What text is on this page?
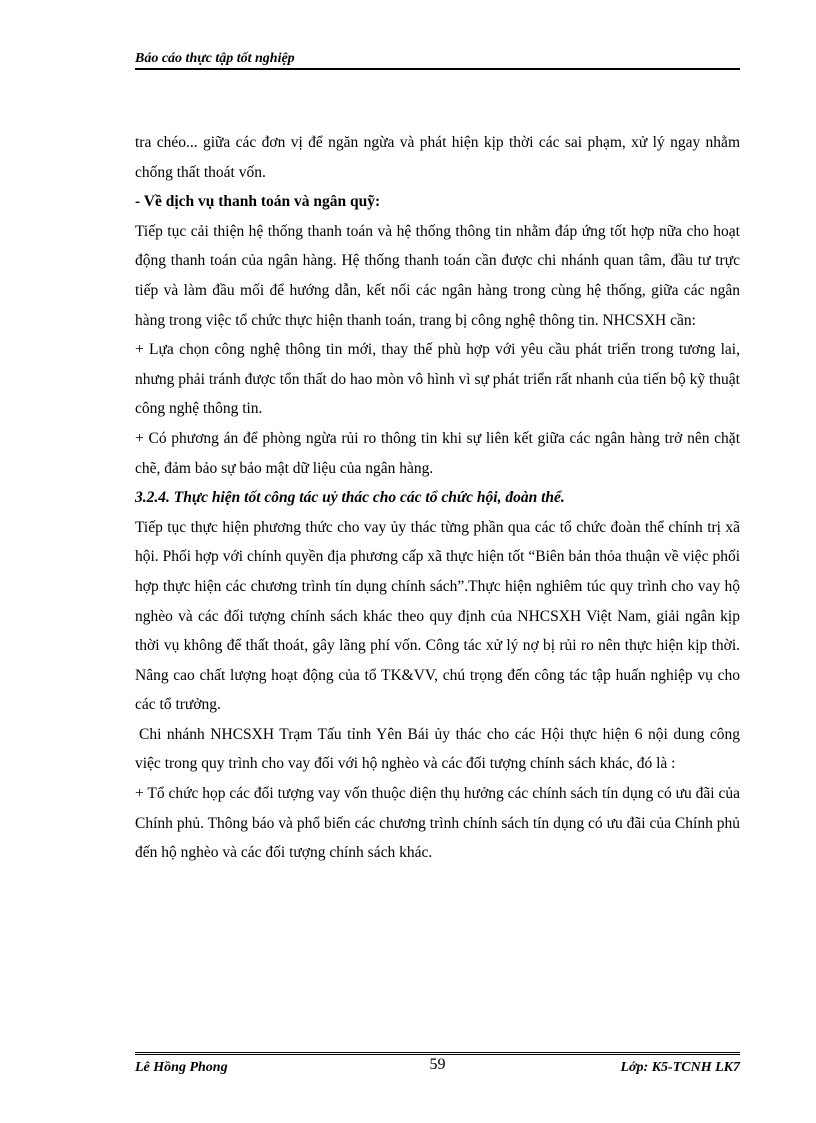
Báo cáo thực tập tốt nghiệp

tra chéo... giữa các đơn vị để ngăn ngừa và phát hiện kịp thời các sai phạm, xử lý ngay nhằm chống thất thoát vốn.

- Về dịch vụ thanh toán và ngân quỹ:

Tiếp tục cải thiện hệ thống thanh toán và hệ thống thông tin nhằm đáp ứng tốt hợp nữa cho hoạt động thanh toán của ngân hàng. Hệ thống thanh toán cần được chi nhánh quan tâm, đầu tư trực tiếp và làm đầu mối để hướng dẫn, kết nối các ngân hàng trong cùng hệ thống, giữa các ngân hàng trong việc tổ chức thực hiện thanh toán, trang bị công nghệ thông tin. NHCSXH cần:

+ Lựa chọn công nghệ thông tin mới, thay thế phù hợp với yêu cầu phát triển trong tương lai, nhưng phải tránh được tổn thất do hao mòn vô hình vì sự phát triển rất nhanh của tiến bộ kỹ thuật công nghệ thông tin.

+ Có phương án để phòng ngừa rủi ro thông tin khi sự liên kết giữa các ngân hàng trở nên chặt chẽ, đảm bảo sự bảo mật dữ liệu của ngân hàng.

3.2.4. Thực hiện tốt công tác uỷ thác cho các tổ chức hội, đoàn thể.

Tiếp tục thực hiện phương thức cho vay ủy thác từng phần qua các tổ chức đoàn thể chính trị xã hội. Phối hợp với chính quyền địa phương cấp xã thực hiện tốt “Biên bản thỏa thuận về việc phối hợp thực hiện các chương trình tín dụng chính sách”.Thực hiện nghiêm túc quy trình cho vay hộ nghèo và các đối tượng chính sách khác theo quy định của NHCSXH Việt Nam, giải ngân kịp thời vụ không để thất thoát, gây lãng phí vốn. Công tác xử lý nợ bị rủi ro nên thực hiện kịp thời. Nâng cao chất lượng hoạt động của tổ TK&VV, chú trọng đến công tác tập huấn nghiệp vụ cho các tổ trưởng.

Chi nhánh NHCSXH Trạm Tấu tỉnh Yên Bái ủy thác cho các Hội thực hiện 6 nội dung công việc trong quy trình cho vay đối với hộ nghèo và các đối tượng chính sách khác, đó là :

+ Tổ chức họp các đối tượng vay vốn thuộc diện thụ hưởng các chính sách tín dụng có ưu đãi của Chính phủ. Thông báo và phổ biến các chương trình chính sách tín dụng có ưu đãi của Chính phủ đến hộ nghèo và các đối tượng chính sách khác.

Lê Hồng Phong	59	Lớp: K5-TCNH LK7
